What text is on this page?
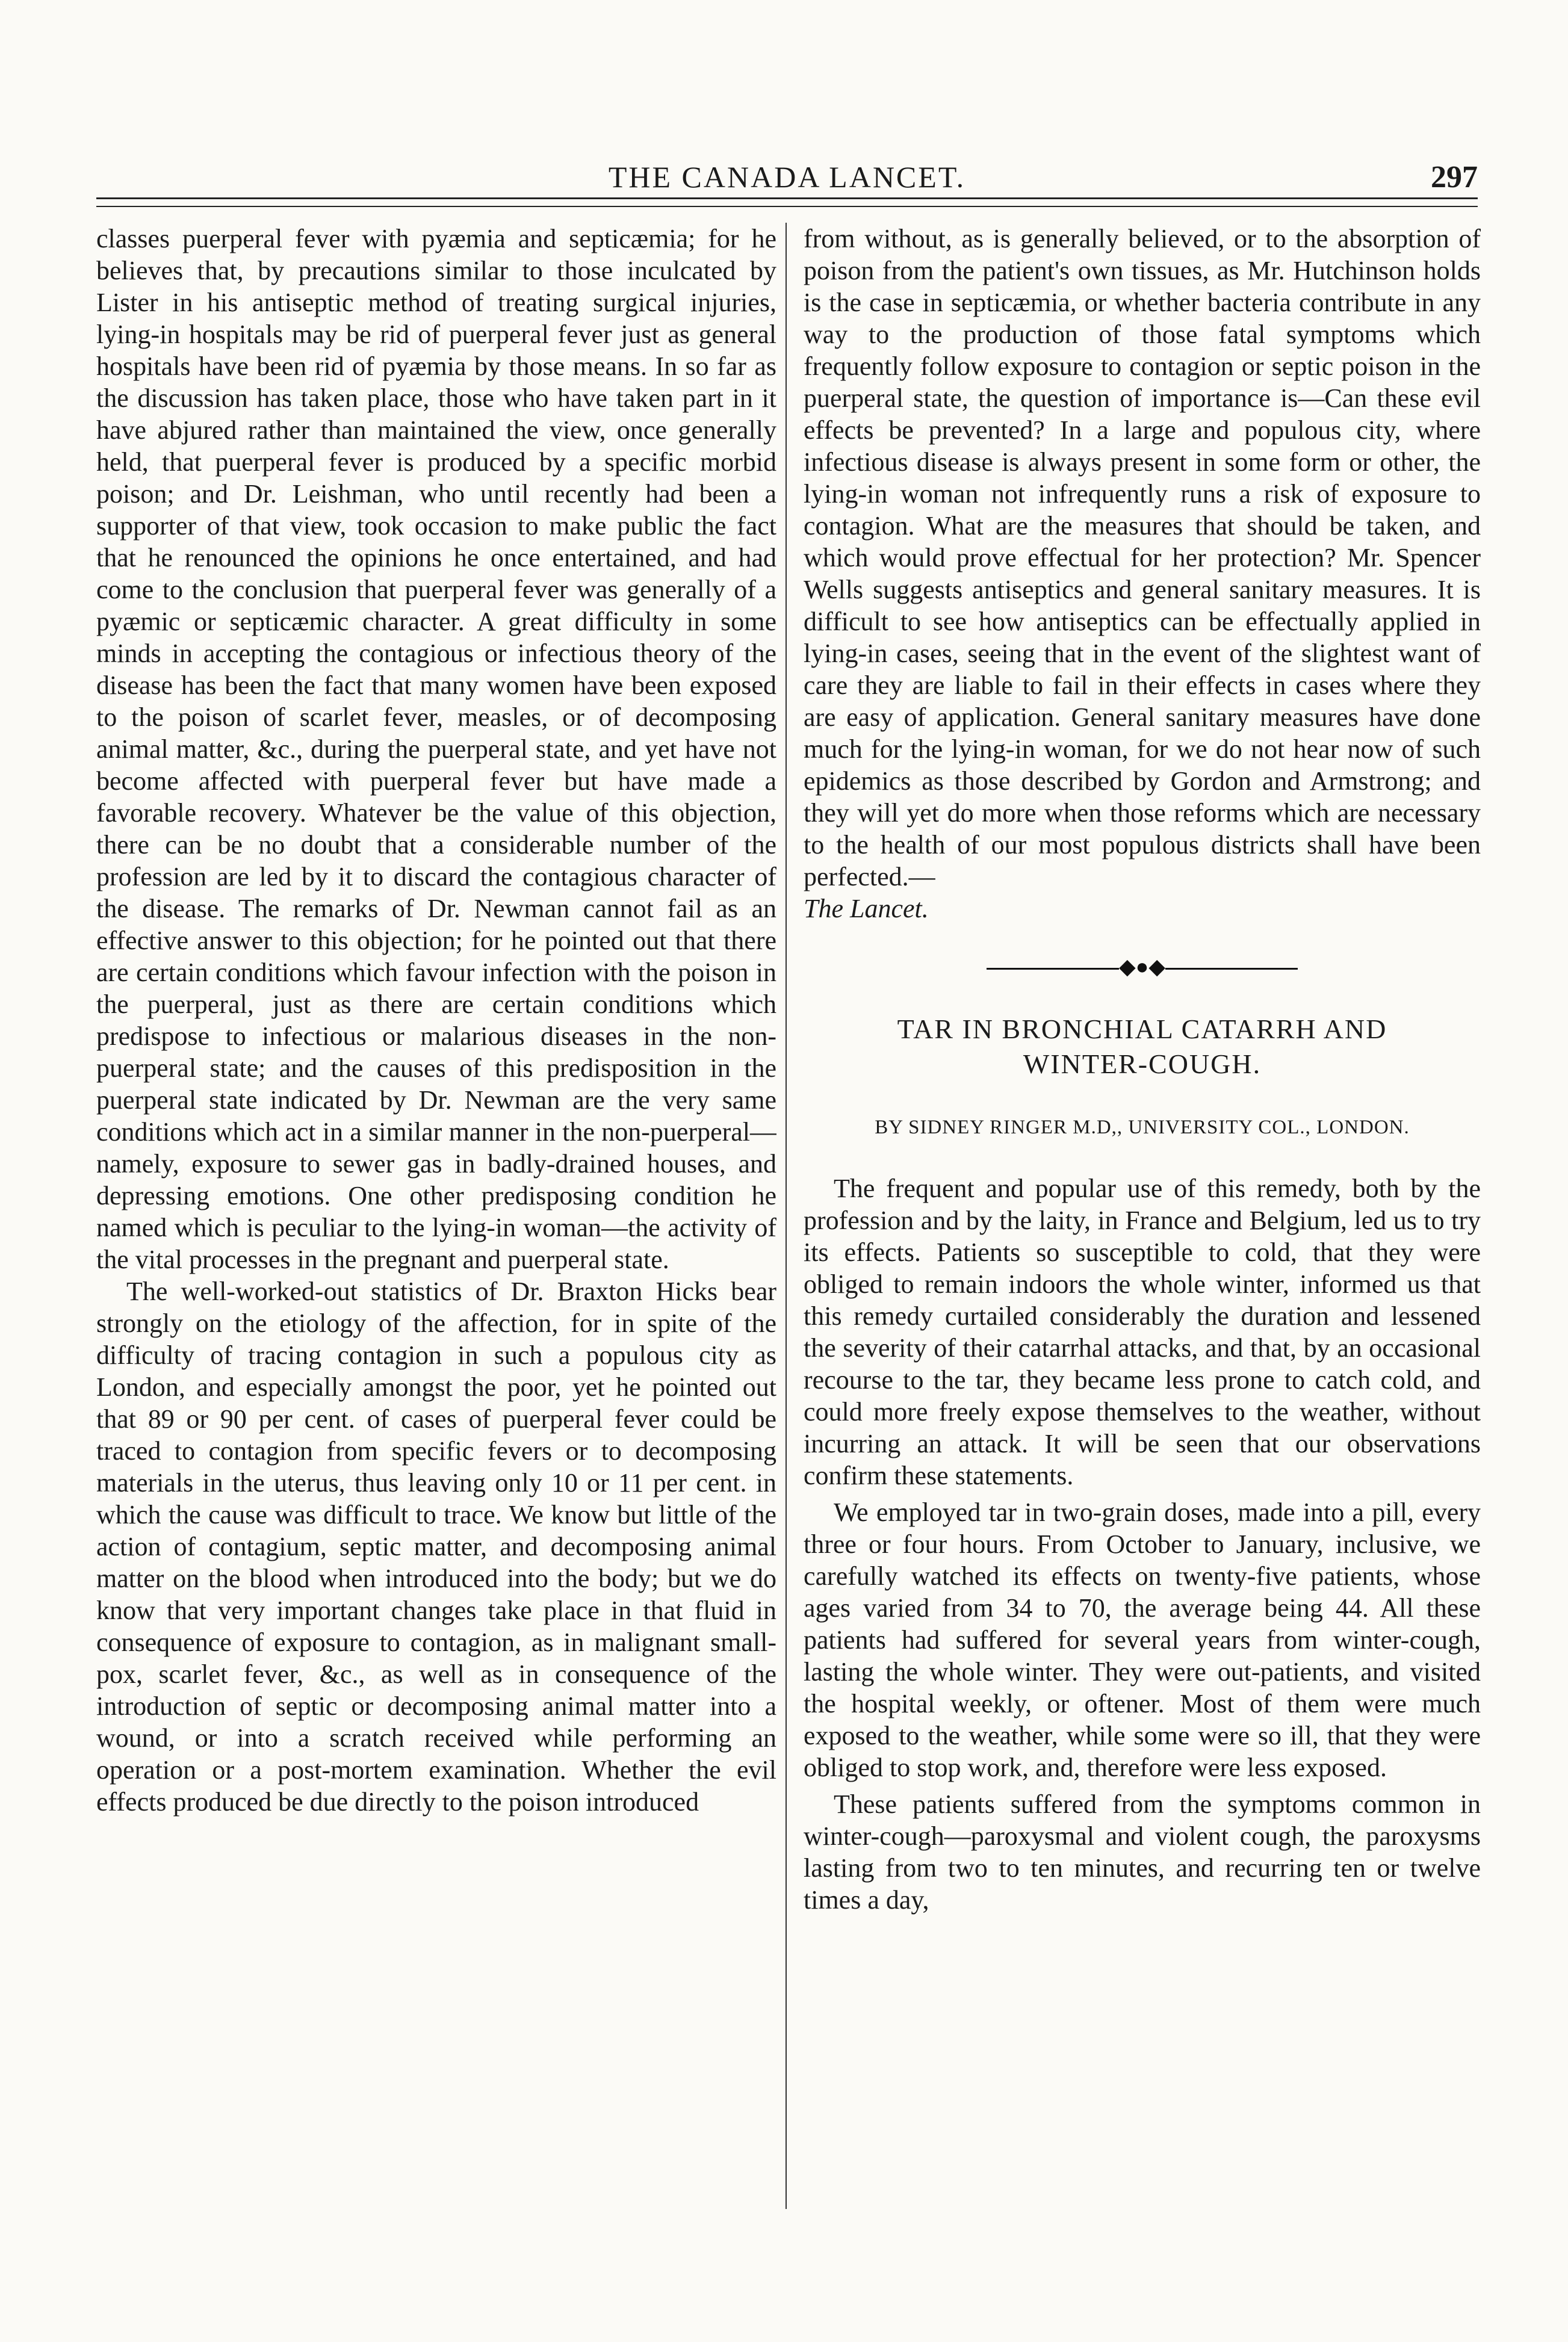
THE CANADA LANCET.	297

classes puerperal fever with pyæmia and septicæmia; for he believes that, by precautions similar to those inculcated by Lister in his antiseptic method of treating surgical injuries, lying-in hospitals may be rid of puerperal fever just as general hospitals have been rid of pyæmia by those means. In so far as the discussion has taken place, those who have taken part in it have abjured rather than maintained the view, once generally held, that puerperal fever is produced by a specific morbid poison; and Dr. Leishman, who until recently had been a supporter of that view, took occasion to make public the fact that he renounced the opinions he once entertained, and had come to the conclusion that puerperal fever was generally of a pyæmic or septicæmic character. A great difficulty in some minds in accepting the contagious or infectious theory of the disease has been the fact that many women have been exposed to the poison of scarlet fever, measles, or of decomposing animal matter, &c., during the puerperal state, and yet have not become affected with puerperal fever but have made a favorable recovery. Whatever be the value of this objection, there can be no doubt that a considerable number of the profession are led by it to discard the contagious character of the disease. The remarks of Dr. Newman cannot fail as an effective answer to this objection; for he pointed out that there are certain conditions which favour infection with the poison in the puerperal, just as there are certain conditions which predispose to infectious or malarious diseases in the non-puerperal state; and the causes of this predisposition in the puerperal state indicated by Dr. Newman are the very same conditions which act in a similar manner in the non-puerperal—namely, exposure to sewer gas in badly-drained houses, and depressing emotions. One other predisposing condition he named which is peculiar to the lying-in woman—the activity of the vital processes in the pregnant and puerperal state.

The well-worked-out statistics of Dr. Braxton Hicks bear strongly on the etiology of the affection, for in spite of the difficulty of tracing contagion in such a populous city as London, and especially amongst the poor, yet he pointed out that 89 or 90 per cent. of cases of puerperal fever could be traced to contagion from specific fevers or to decomposing materials in the uterus, thus leaving only 10 or 11 per cent. in which the cause was difficult to trace. We know but little of the action of contagium, septic matter, and decomposing animal matter on the blood when introduced into the body; but we do know that very important changes take place in that fluid in consequence of exposure to contagion, as in malignant small-pox, scarlet fever, &c., as well as in consequence of the introduction of septic or decomposing animal matter into a wound, or into a scratch received while performing an operation or a post-mortem examination. Whether the evil effects produced be due directly to the poison introduced

from without, as is generally believed, or to the absorption of poison from the patient's own tissues, as Mr. Hutchinson holds is the case in septicæmia, or whether bacteria contribute in any way to the production of those fatal symptoms which frequently follow exposure to contagion or septic poison in the puerperal state, the question of importance is—Can these evil effects be prevented? In a large and populous city, where infectious disease is always present in some form or other, the lying-in woman not infrequently runs a risk of exposure to contagion. What are the measures that should be taken, and which would prove effectual for her protection? Mr. Spencer Wells suggests antiseptics and general sanitary measures. It is difficult to see how antiseptics can be effectually applied in lying-in cases, seeing that in the event of the slightest want of care they are liable to fail in their effects in cases where they are easy of application. General sanitary measures have done much for the lying-in woman, for we do not hear now of such epidemics as those described by Gordon and Armstrong; and they will yet do more when those reforms which are necessary to the health of our most populous districts shall have been perfected.—

The Lancet.

◆●◆
TAR IN BRONCHIAL CATARRH AND
WINTER-COUGH.
BY SIDNEY RINGER M.D,, UNIVERSITY COL., LONDON.

The frequent and popular use of this remedy, both by the profession and by the laity, in France and Belgium, led us to try its effects. Patients so susceptible to cold, that they were obliged to remain indoors the whole winter, informed us that this remedy curtailed considerably the duration and lessened the severity of their catarrhal attacks, and that, by an occasional recourse to the tar, they became less prone to catch cold, and could more freely expose themselves to the weather, without incurring an attack. It will be seen that our observations confirm these statements.

We employed tar in two-grain doses, made into a pill, every three or four hours. From October to January, inclusive, we carefully watched its effects on twenty-five patients, whose ages varied from 34 to 70, the average being 44. All these patients had suffered for several years from winter-cough, lasting the whole winter. They were out-patients, and visited the hospital weekly, or oftener. Most of them were much exposed to the weather, while some were so ill, that they were obliged to stop work, and, therefore were less exposed.

These patients suffered from the symptoms common in winter-cough—paroxysmal and violent cough, the paroxysms lasting from two to ten minutes, and recurring ten or twelve times a day,
